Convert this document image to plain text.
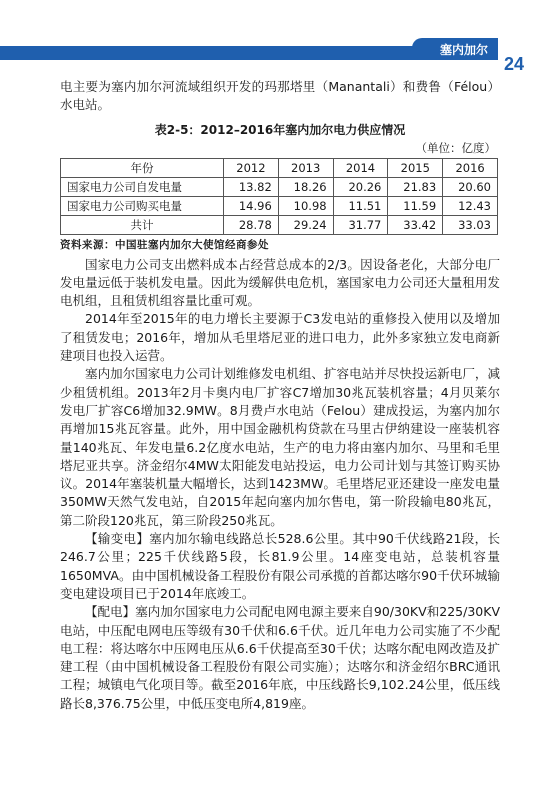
塞内加尔
24

电主要为塞内加尔河流域组织开发的玛那塔里（Manantali）和费鲁（Félou）水电站。

表2-5：2012–2016年塞内加尔电力供应情况
（单位：亿度）
年份	2012	2013	2014	2015	2016
国家电力公司自发电量	13.82	18.26	20.26	21.83	20.60
国家电力公司购买电量	14.96	10.98	11.51	11.59	12.43
共计	28.78	29.24	31.77	33.42	33.03
资料来源：中国驻塞内加尔大使馆经商参处

国家电力公司支出燃料成本占经营总成本的2/3。因设备老化，大部分电厂发电量远低于装机发电量。因此为缓解供电危机，塞国家电力公司还大量租用发电机组，且租赁机组容量比重可观。

2014年至2015年的电力增长主要源于C3发电站的重修投入使用以及增加了租赁发电；2016年，增加从毛里塔尼亚的进口电力，此外多家独立发电商新建项目也投入运营。

塞内加尔国家电力公司计划维修发电机组、扩容电站并尽快投运新电厂，减少租赁机组。2013年2月卡奥内电厂扩容C7增加30兆瓦装机容量；4月贝莱尔发电厂扩容C6增加32.9MW。8月费卢水电站（Felou）建成投运，为塞内加尔再增加15兆瓦容量。此外，用中国金融机构贷款在马里古伊纳建设一座装机容量140兆瓦、年发电量6.2亿度水电站，生产的电力将由塞内加尔、马里和毛里塔尼亚共享。济金绍尔4MW太阳能发电站投运，电力公司计划与其签订购买协议。2014年塞装机量大幅增长，达到1423MW。毛里塔尼亚还建设一座发电量350MW天然气发电站，自2015年起向塞内加尔售电，第一阶段输电80兆瓦，第二阶段120兆瓦，第三阶段250兆瓦。

【输变电】塞内加尔输电线路总长528.6公里。其中90千伏线路21段，长246.7公里；225千伏线路5段，长81.9公里。14座变电站，总装机容量1650MVA。由中国机械设备工程股份有限公司承揽的首都达喀尔90千伏环城输变电建设项目已于2014年底竣工。

【配电】塞内加尔国家电力公司配电网电源主要来自90/30KV和225/30KV电站，中压配电网电压等级有30千伏和6.6千伏。近几年电力公司实施了不少配电工程：将达喀尔中压网电压从6.6千伏提高至30千伏；达喀尔配电网改造及扩建工程（由中国机械设备工程股份有限公司实施）；达喀尔和济金绍尔BRC通讯工程；城镇电气化项目等。截至2016年底，中压线路长9,102.24公里，低压线路长8,376.75公里，中低压变电所4,819座。
